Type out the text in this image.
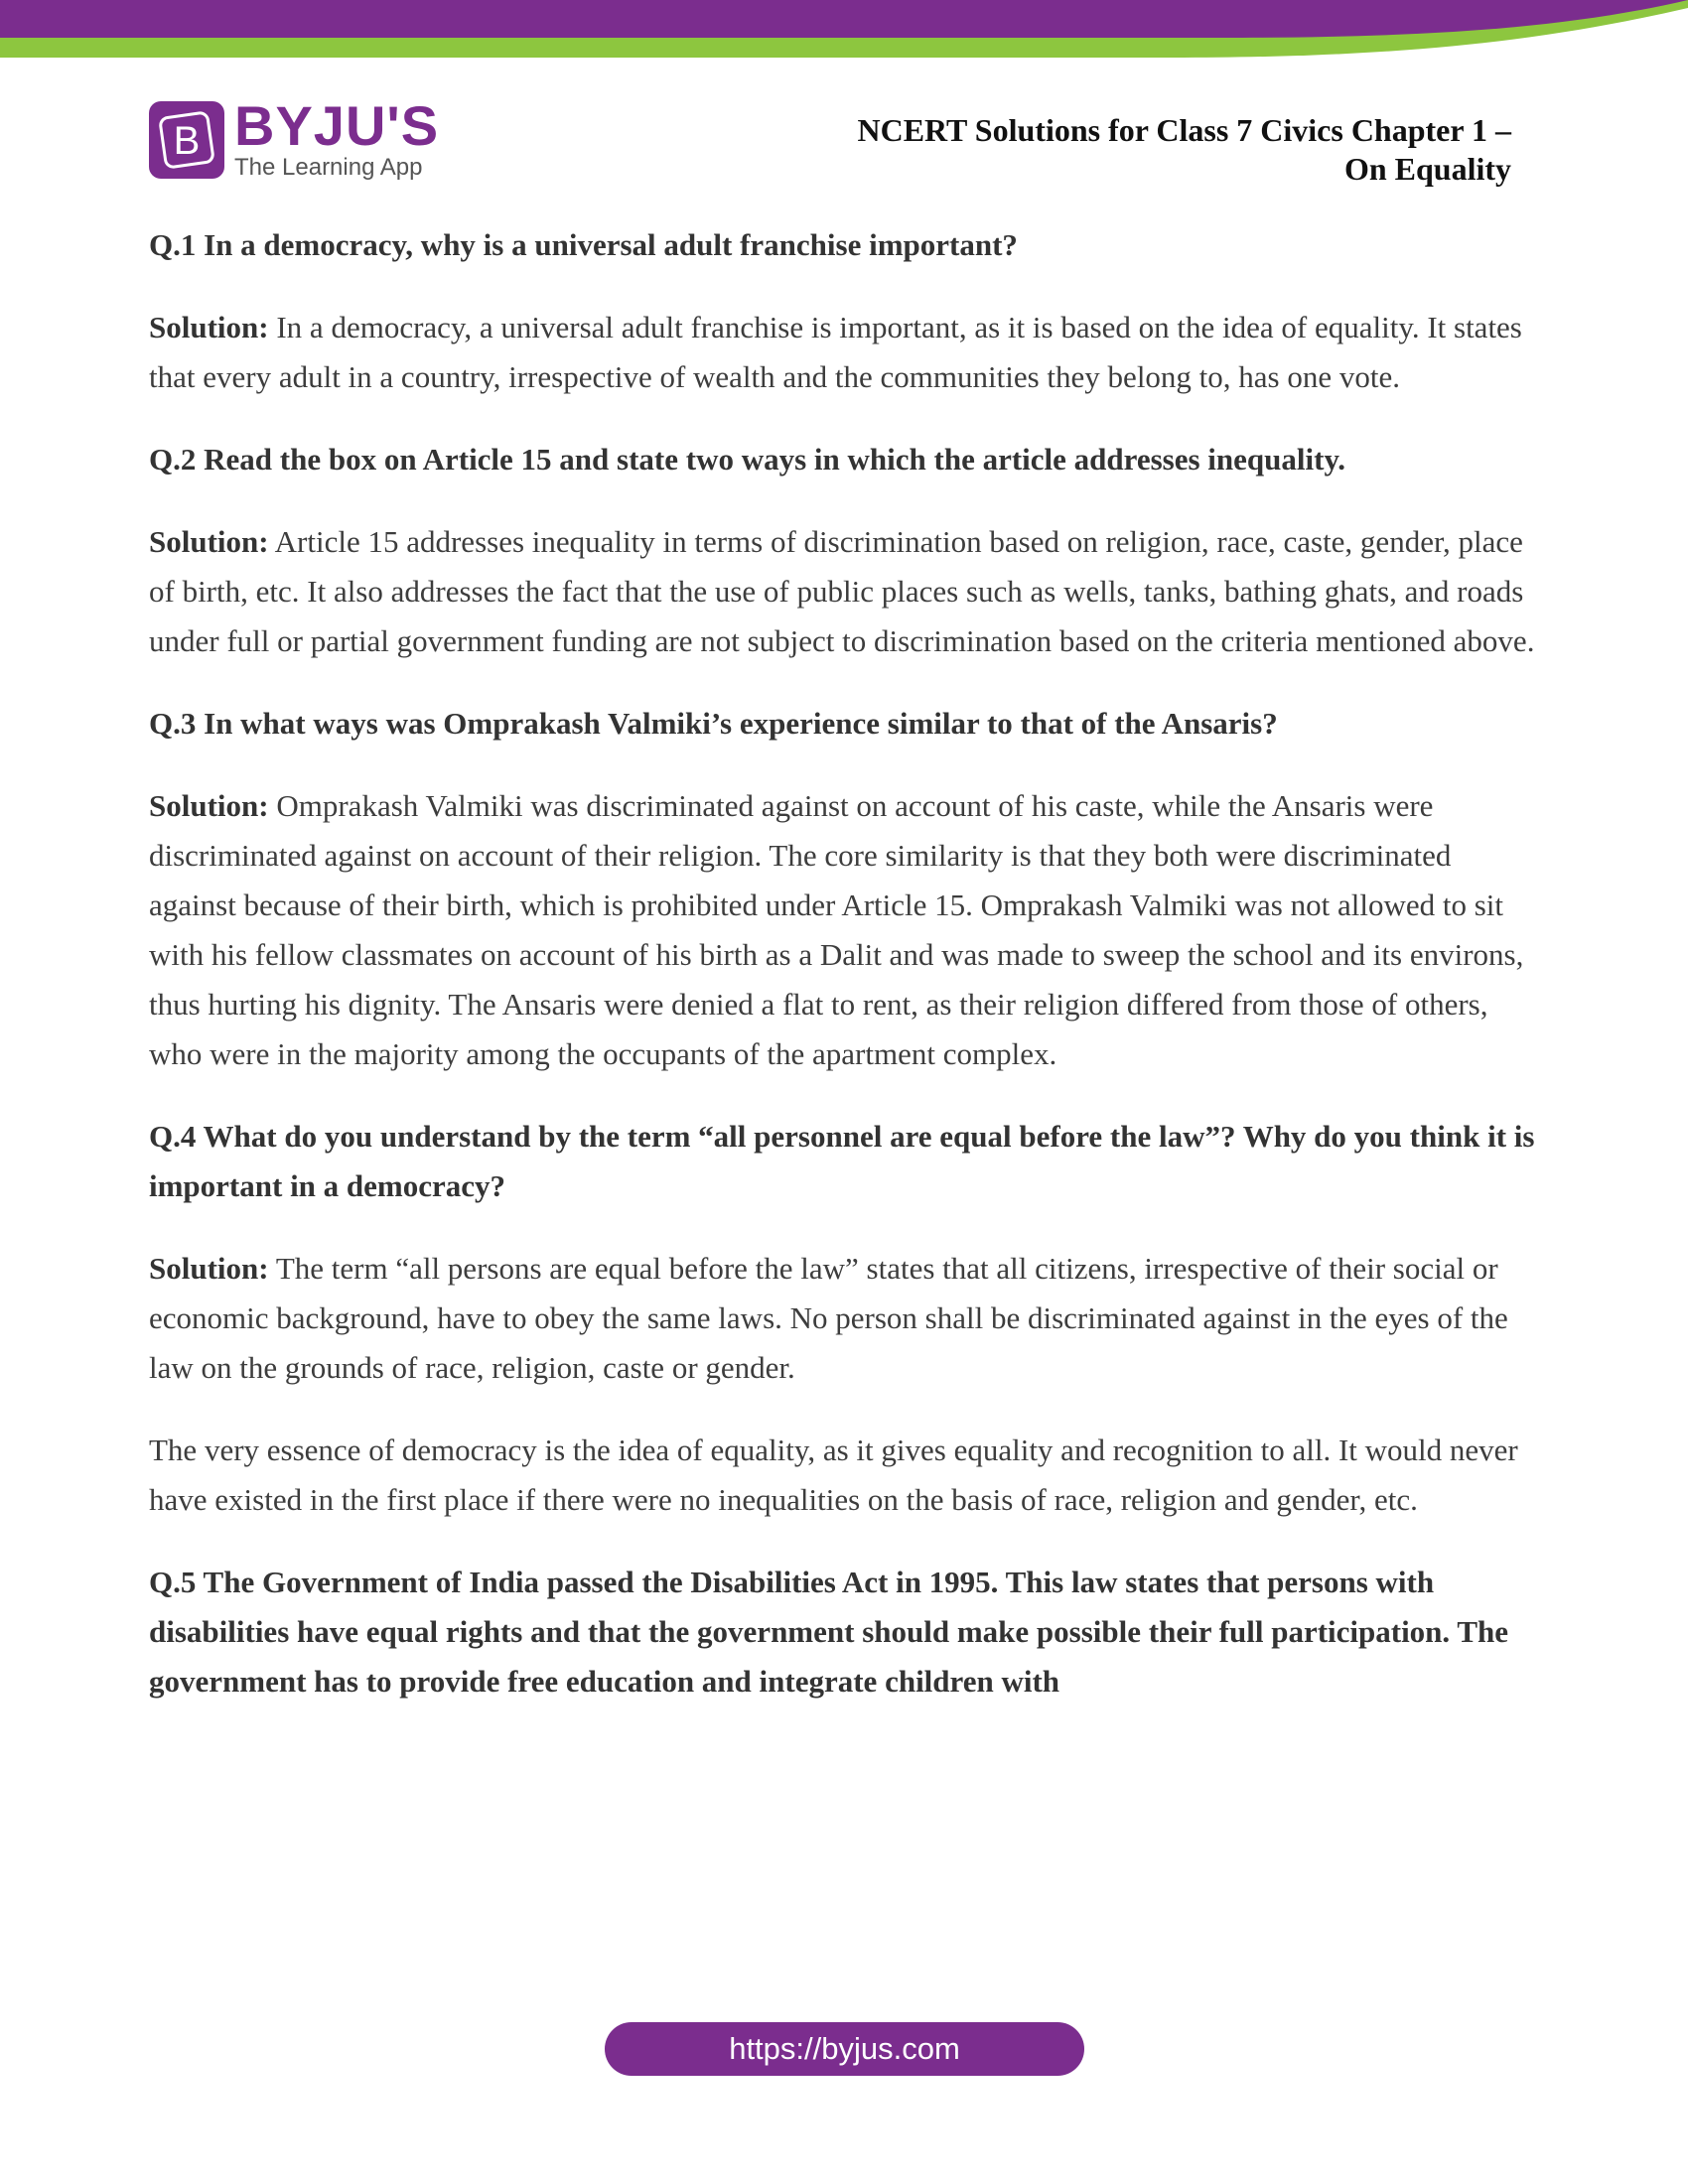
B BYJU'S
The Learning App
NCERT Solutions for Class 7 Civics Chapter 1 –
On Equality
Q.1 In a democracy, why is a universal adult franchise important?
Solution: In a democracy, a universal adult franchise is important, as it is based on the idea of equality. It states that every adult in a country, irrespective of wealth and the communities they belong to, has one vote.
Q.2 Read the box on Article 15 and state two ways in which the article addresses inequality.
Solution: Article 15 addresses inequality in terms of discrimination based on religion, race, caste, gender, place of birth, etc. It also addresses the fact that the use of public places such as wells, tanks, bathing ghats, and roads under full or partial government funding are not subject to discrimination based on the criteria mentioned above.
Q.3 In what ways was Omprakash Valmiki’s experience similar to that of the Ansaris?
Solution: Omprakash Valmiki was discriminated against on account of his caste, while the Ansaris were discriminated against on account of their religion. The core similarity is that they both were discriminated against because of their birth, which is prohibited under Article 15. Omprakash Valmiki was not allowed to sit with his fellow classmates on account of his birth as a Dalit and was made to sweep the school and its environs, thus hurting his dignity. The Ansaris were denied a flat to rent, as their religion differed from those of others, who were in the majority among the occupants of the apartment complex.
Q.4 What do you understand by the term “all personnel are equal before the law”? Why do you think it is important in a democracy?
Solution: The term “all persons are equal before the law” states that all citizens, irrespective of their social or economic background, have to obey the same laws. No person shall be discriminated against in the eyes of the law on the grounds of race, religion, caste or gender.
The very essence of democracy is the idea of equality, as it gives equality and recognition to all. It would never have existed in the first place if there were no inequalities on the basis of race, religion and gender, etc.
Q.5 The Government of India passed the Disabilities Act in 1995. This law states that persons with disabilities have equal rights and that the government should make possible their full participation. The government has to provide free education and integrate children with
https://byjus.com
